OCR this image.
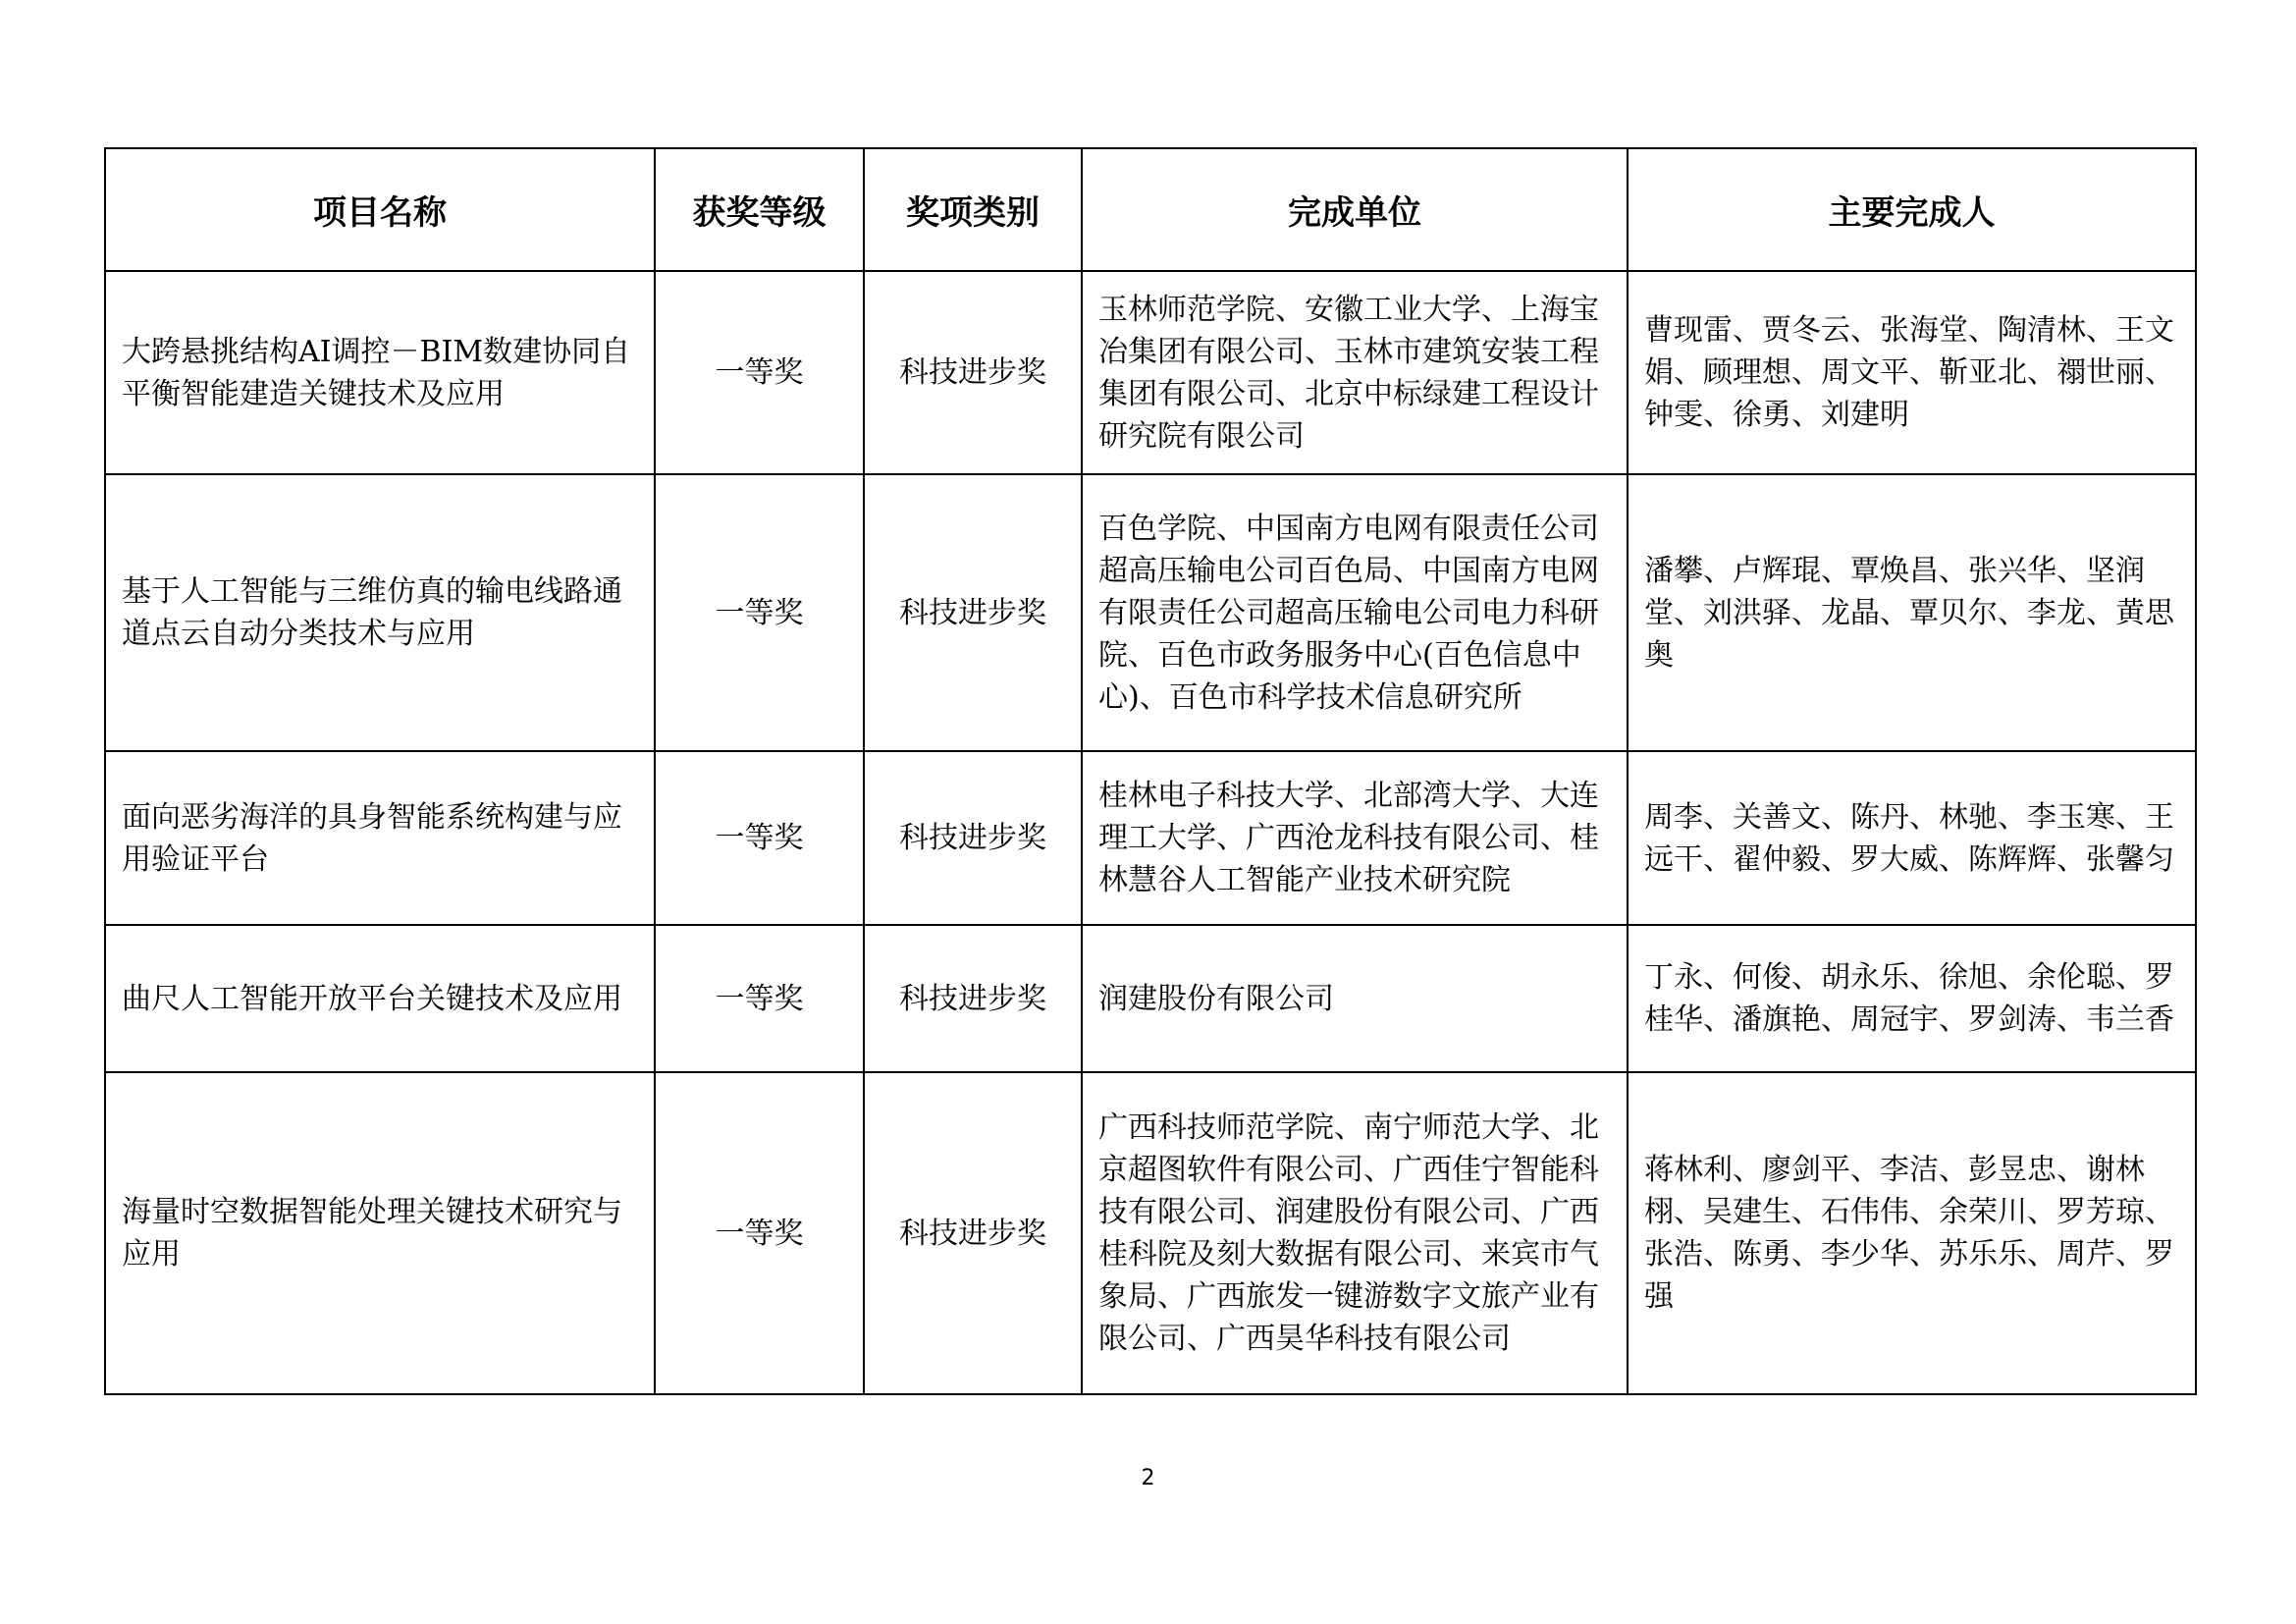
项目名称	获奖等级	奖项类别	完成单位	主要完成人
大跨悬挑结构AI调控－BIM数建协同自平衡智能建造关键技术及应用	一等奖	科技进步奖	玉林师范学院、安徽工业大学、上海宝冶集团有限公司、玉林市建筑安装工程集团有限公司、北京中标绿建工程设计研究院有限公司	曹现雷、贾冬云、张海堂、陶清林、王文娟、顾理想、周文平、靳亚北、禤世丽、钟雯、徐勇、刘建明
基于人工智能与三维仿真的输电线路通道点云自动分类技术与应用	一等奖	科技进步奖	百色学院、中国南方电网有限责任公司超高压输电公司百色局、中国南方电网有限责任公司超高压输电公司电力科研院、百色市政务服务中心(百色信息中心)、百色市科学技术信息研究所	潘攀、卢辉琨、覃焕昌、张兴华、坚润堂、刘洪驿、龙晶、覃贝尔、李龙、黄思奥
面向恶劣海洋的具身智能系统构建与应用验证平台	一等奖	科技进步奖	桂林电子科技大学、北部湾大学、大连理工大学、广西沧龙科技有限公司、桂林慧谷人工智能产业技术研究院	周李、关善文、陈丹、林驰、李玉寒、王远干、翟仲毅、罗大威、陈辉辉、张馨匀
曲尺人工智能开放平台关键技术及应用	一等奖	科技进步奖	润建股份有限公司	丁永、何俊、胡永乐、徐旭、余伦聪、罗桂华、潘旗艳、周冠宇、罗剑涛、韦兰香
海量时空数据智能处理关键技术研究与应用	一等奖	科技进步奖	广西科技师范学院、南宁师范大学、北京超图软件有限公司、广西佳宁智能科技有限公司、润建股份有限公司、广西桂科院及刻大数据有限公司、来宾市气象局、广西旅发一键游数字文旅产业有限公司、广西昊华科技有限公司	蒋林利、廖剑平、李洁、彭昱忠、谢林栩、吴建生、石伟伟、余荣川、罗芳琼、张浩、陈勇、李少华、苏乐乐、周芹、罗强
2
